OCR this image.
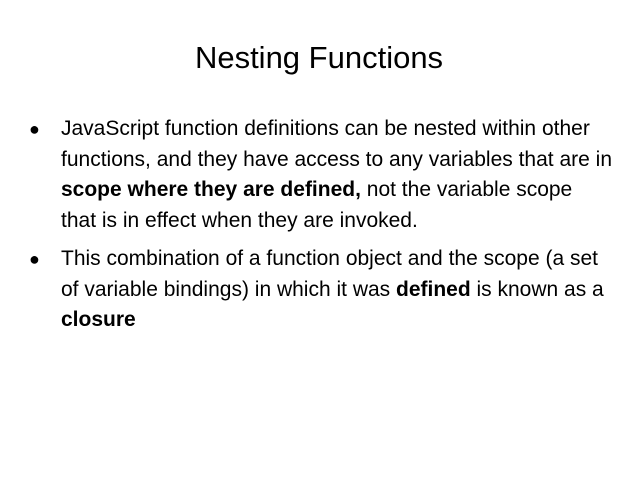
Nesting Functions
● JavaScript function definitions can be nested within other functions, and they have access to any variables that are in scope where they are defined, not the variable scope that is in effect when they are invoked.
● This combination of a function object and the scope (a set of variable bindings) in which it was defined is known as a closure
